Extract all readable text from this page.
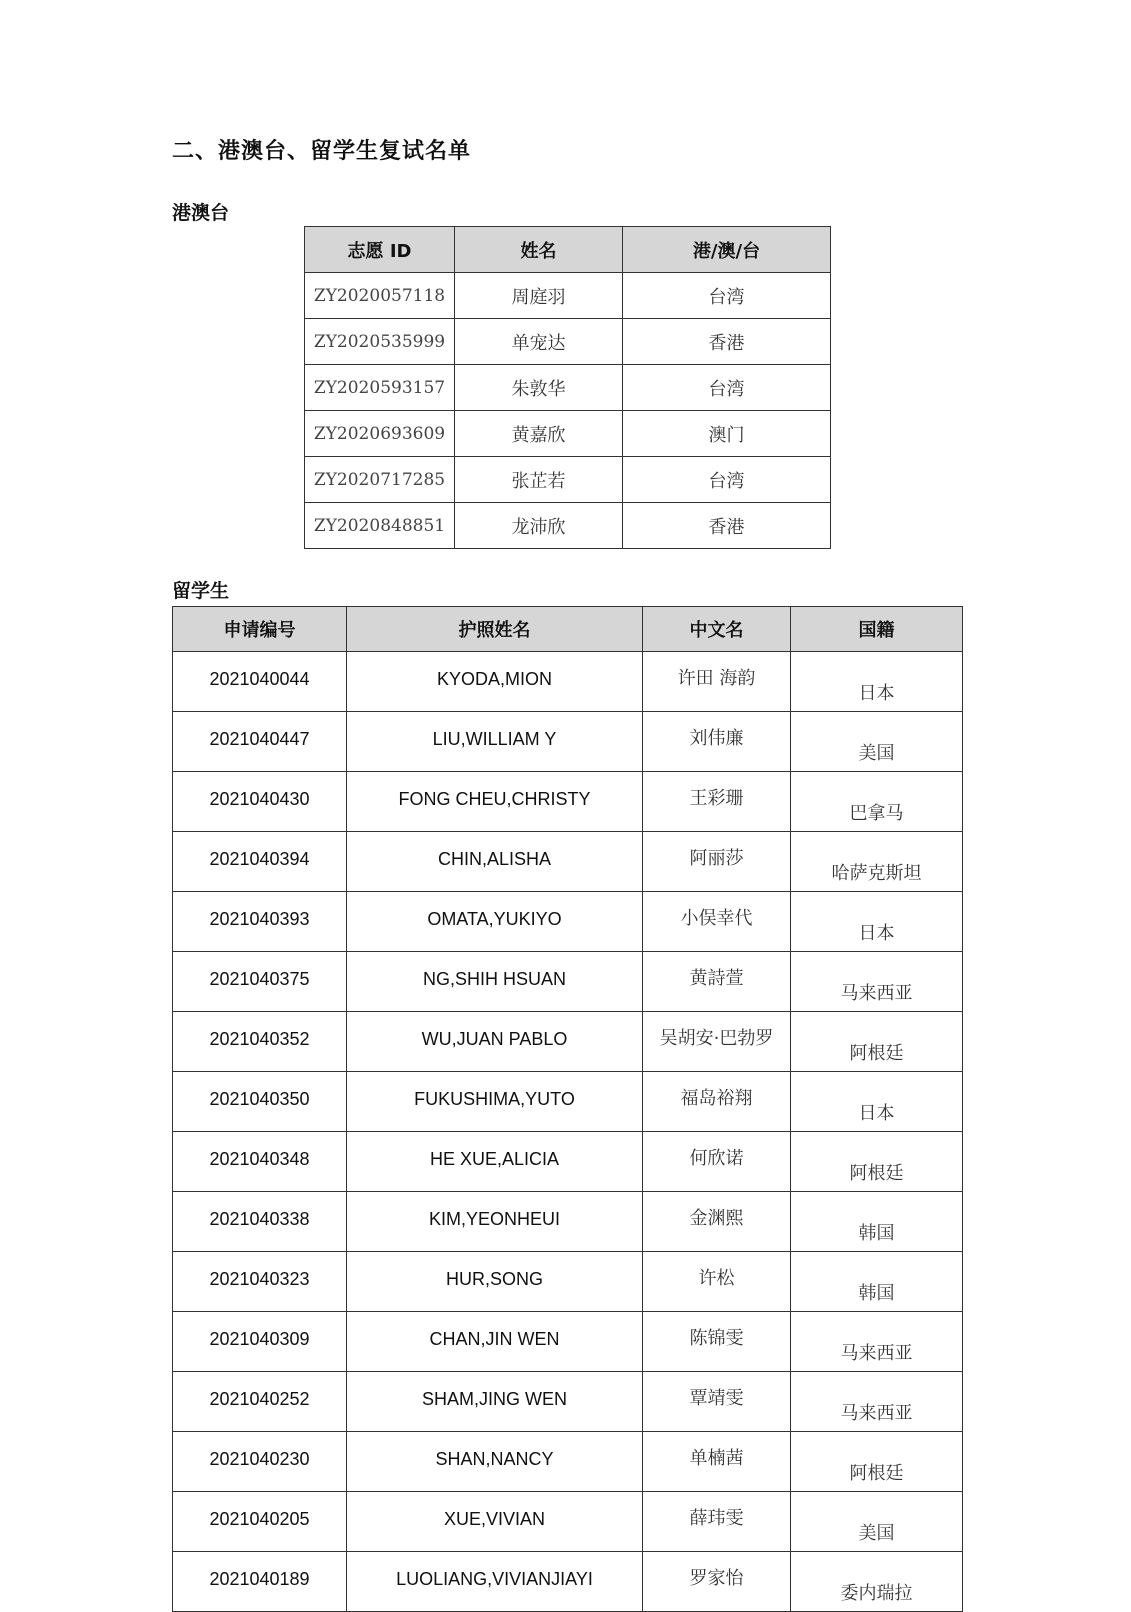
二、港澳台、留学生复试名单
港澳台
志愿 ID	姓名	港/澳/台
ZY2020057118	周庭羽	台湾
ZY2020535999	单宠达	香港
ZY2020593157	朱敦华	台湾
ZY2020693609	黄嘉欣	澳门
ZY2020717285	张芷若	台湾
ZY2020848851	龙沛欣	香港
留学生
申请编号	护照姓名	中文名	国籍
2021040044	KYODA,MION	许田 海韵	日本
2021040447	LIU,WILLIAM Y	刘伟廉	美国
2021040430	FONG CHEU,CHRISTY	王彩珊	巴拿马
2021040394	CHIN,ALISHA	阿丽莎	哈萨克斯坦
2021040393	OMATA,YUKIYO	小俣幸代	日本
2021040375	NG,SHIH HSUAN	黄詩萱	马来西亚
2021040352	WU,JUAN PABLO	吴胡安·巴勃罗	阿根廷
2021040350	FUKUSHIMA,YUTO	福岛裕翔	日本
2021040348	HE XUE,ALICIA	何欣诺	阿根廷
2021040338	KIM,YEONHEUI	金渊熙	韩国
2021040323	HUR,SONG	许松	韩国
2021040309	CHAN,JIN WEN	陈锦雯	马来西亚
2021040252	SHAM,JING WEN	覃靖雯	马来西亚
2021040230	SHAN,NANCY	单楠茜	阿根廷
2021040205	XUE,VIVIAN	薛玮雯	美国
2021040189	LUOLIANG,VIVIANJIAYI	罗家怡	委内瑞拉
